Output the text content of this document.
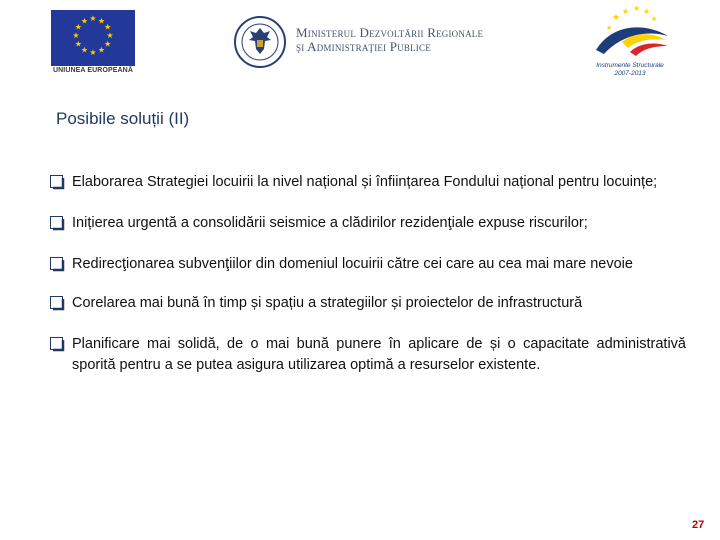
★ ★
★
★
★
★
★
★
★
★
★
★
UNIUNEA EUROPEANĂ
Ministerul Dezvoltării Regionale
şi Administraţiei Publice
★
★ ★ ★
★
★
Instrumente Structurale
2007-2013
Posibile soluții (II)
Elaborarea Strategiei locuirii la nivel național și înființarea Fondului național pentru locuințe;
Inițierea urgentă a consolidării seismice a clădirilor rezidenţiale expuse riscurilor;
Redirecţionarea subvenţiilor din domeniul locuirii către cei care au cea mai mare nevoie
Corelarea mai bună în timp și spațiu a strategiilor și proiectelor de infrastructură
Planificare mai solidă, de o mai bună punere în aplicare de și o capacitate administrativă sporită pentru a se putea asigura utilizarea optimă a resurselor existente.
27
